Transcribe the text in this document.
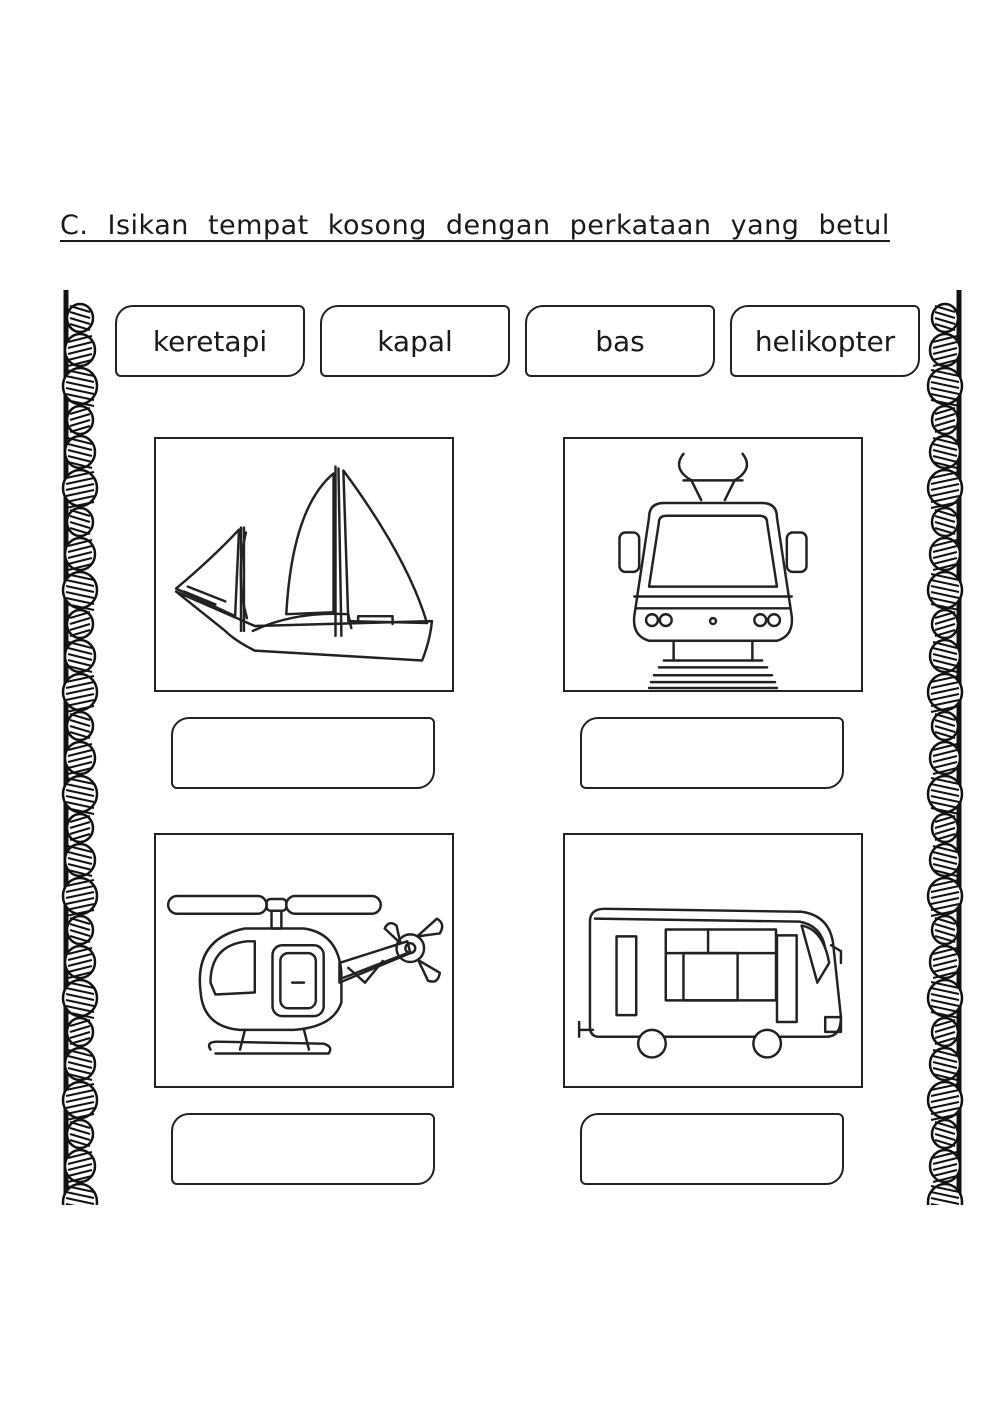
C. Isikan tempat kosong dengan perkataan yang betul
keretapi	kapal	bas	helikopter
